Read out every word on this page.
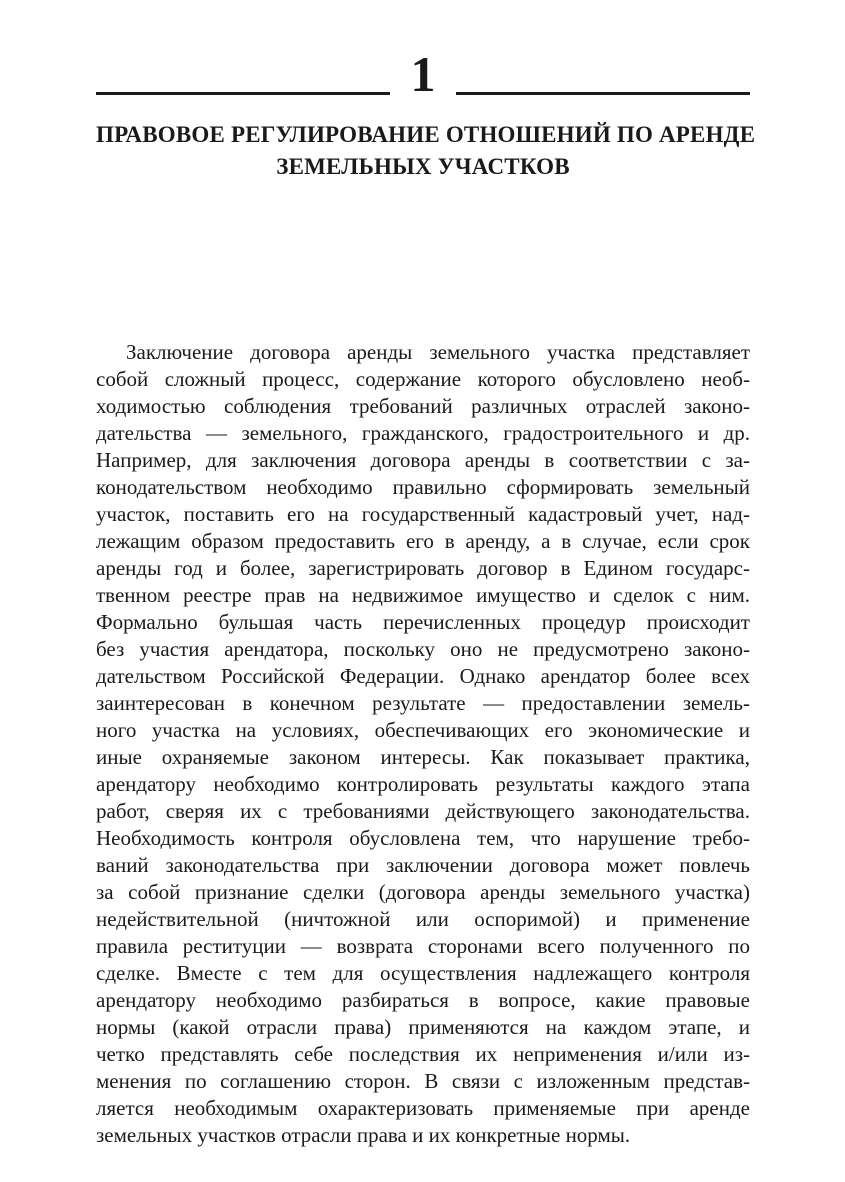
1
ПРАВОВОЕ РЕГУЛИРОВАНИЕ ОТНОШЕНИЙ ПО АРЕНДЕ
ЗЕМЕЛЬНЫХ УЧАСТКОВ
Заключение договора аренды земельного участка представляет
собой сложный процесс, содержание которого обусловлено необ-
ходимостью соблюдения требований различных отраслей законо-
дательства — земельного, гражданского, градостроительного и др.
Например, для заключения договора аренды в соответствии с за-
конодательством необходимо правильно сформировать земельный
участок, поставить его на государственный кадастровый учет, над-
лежащим образом предоставить его в аренду, а в случае, если срок
аренды год и более, зарегистрировать договор в Едином государс-
твенном реестре прав на недвижимое имущество и сделок с ним.
Формально бульшая часть перечисленных процедур происходит
без участия арендатора, поскольку оно не предусмотрено законо-
дательством Российской Федерации. Однако арендатор более всех
заинтересован в конечном результате — предоставлении земель-
ного участка на условиях, обеспечивающих его экономические и
иные охраняемые законом интересы. Как показывает практика,
арендатору необходимо контролировать результаты каждого этапа
работ, сверяя их с требованиями действующего законодательства.
Необходимость контроля обусловлена тем, что нарушение требо-
ваний законодательства при заключении договора может повлечь
за собой признание сделки (договора аренды земельного участка)
недействительной (ничтожной или оспоримой) и применение
правила реституции — возврата сторонами всего полученного по
сделке. Вместе с тем для осуществления надлежащего контроля
арендатору необходимо разбираться в вопросе, какие правовые
нормы (какой отрасли права) применяются на каждом этапе, и
четко представлять себе последствия их неприменения и/или из-
менения по соглашению сторон. В связи с изложенным представ-
ляется необходимым охарактеризовать применяемые при аренде
земельных участков отрасли права и их конкретные нормы.
